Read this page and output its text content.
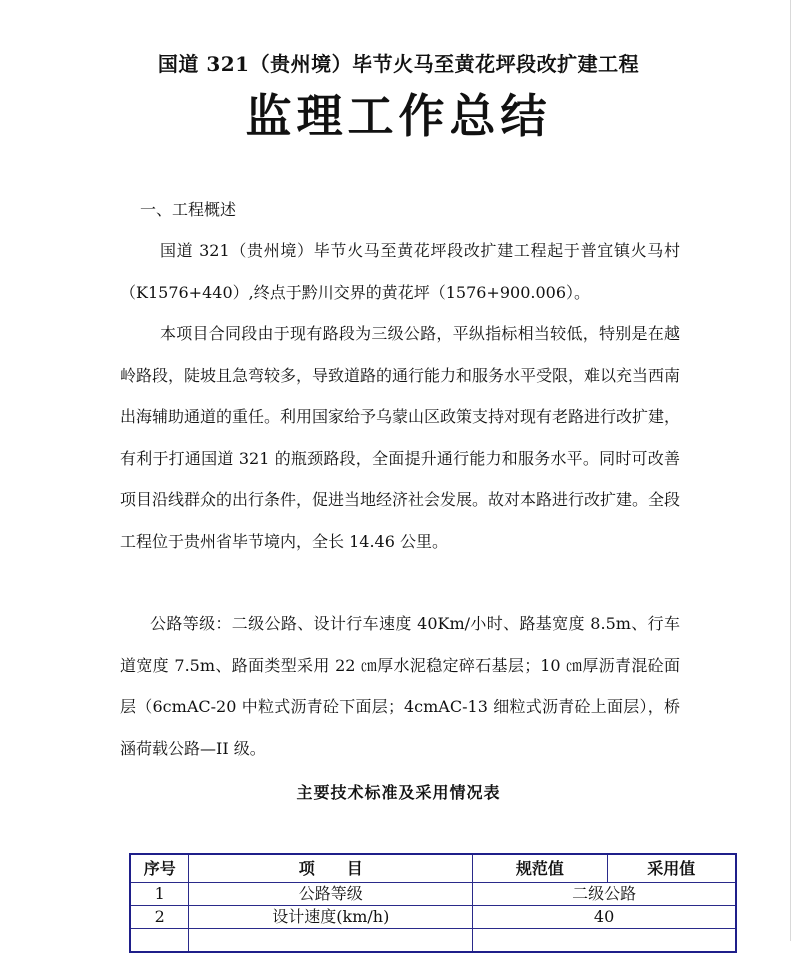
国道 321（贵州境）毕节火马至黄花坪段改扩建工程
监理工作总结
一、工程概述

国道 321（贵州境）毕节火马至黄花坪段改扩建工程起于普宜镇火马村（K1576+440）,终点于黔川交界的黄花坪（1576+900.006）。

本项目合同段由于现有路段为三级公路，平纵指标相当较低，特别是在越岭路段，陡坡且急弯较多，导致道路的通行能力和服务水平受限，难以充当西南出海辅助通道的重任。利用国家给予乌蒙山区政策支持对现有老路进行改扩建，有利于打通国道 321 的瓶颈路段，全面提升通行能力和服务水平。同时可改善项目沿线群众的出行条件，促进当地经济社会发展。故对本路进行改扩建。全段工程位于贵州省毕节境内，全长 14.46 公里。

公路等级：二级公路、设计行车速度 40Km/小时、路基宽度 8.5m、行车道宽度 7.5m、路面类型采用 22 ㎝厚水泥稳定碎石基层；10 ㎝厚沥青混砼面层（6cmAC-20 中粒式沥青砼下面层；4cmAC-13 细粒式沥青砼上面层），桥涵荷载公路—II 级。

主要技术标准及采用情况表
序号	项　　目	规范值	采用值
1	公路等级	二级公路	
2	设计速度(km/h)	40	
